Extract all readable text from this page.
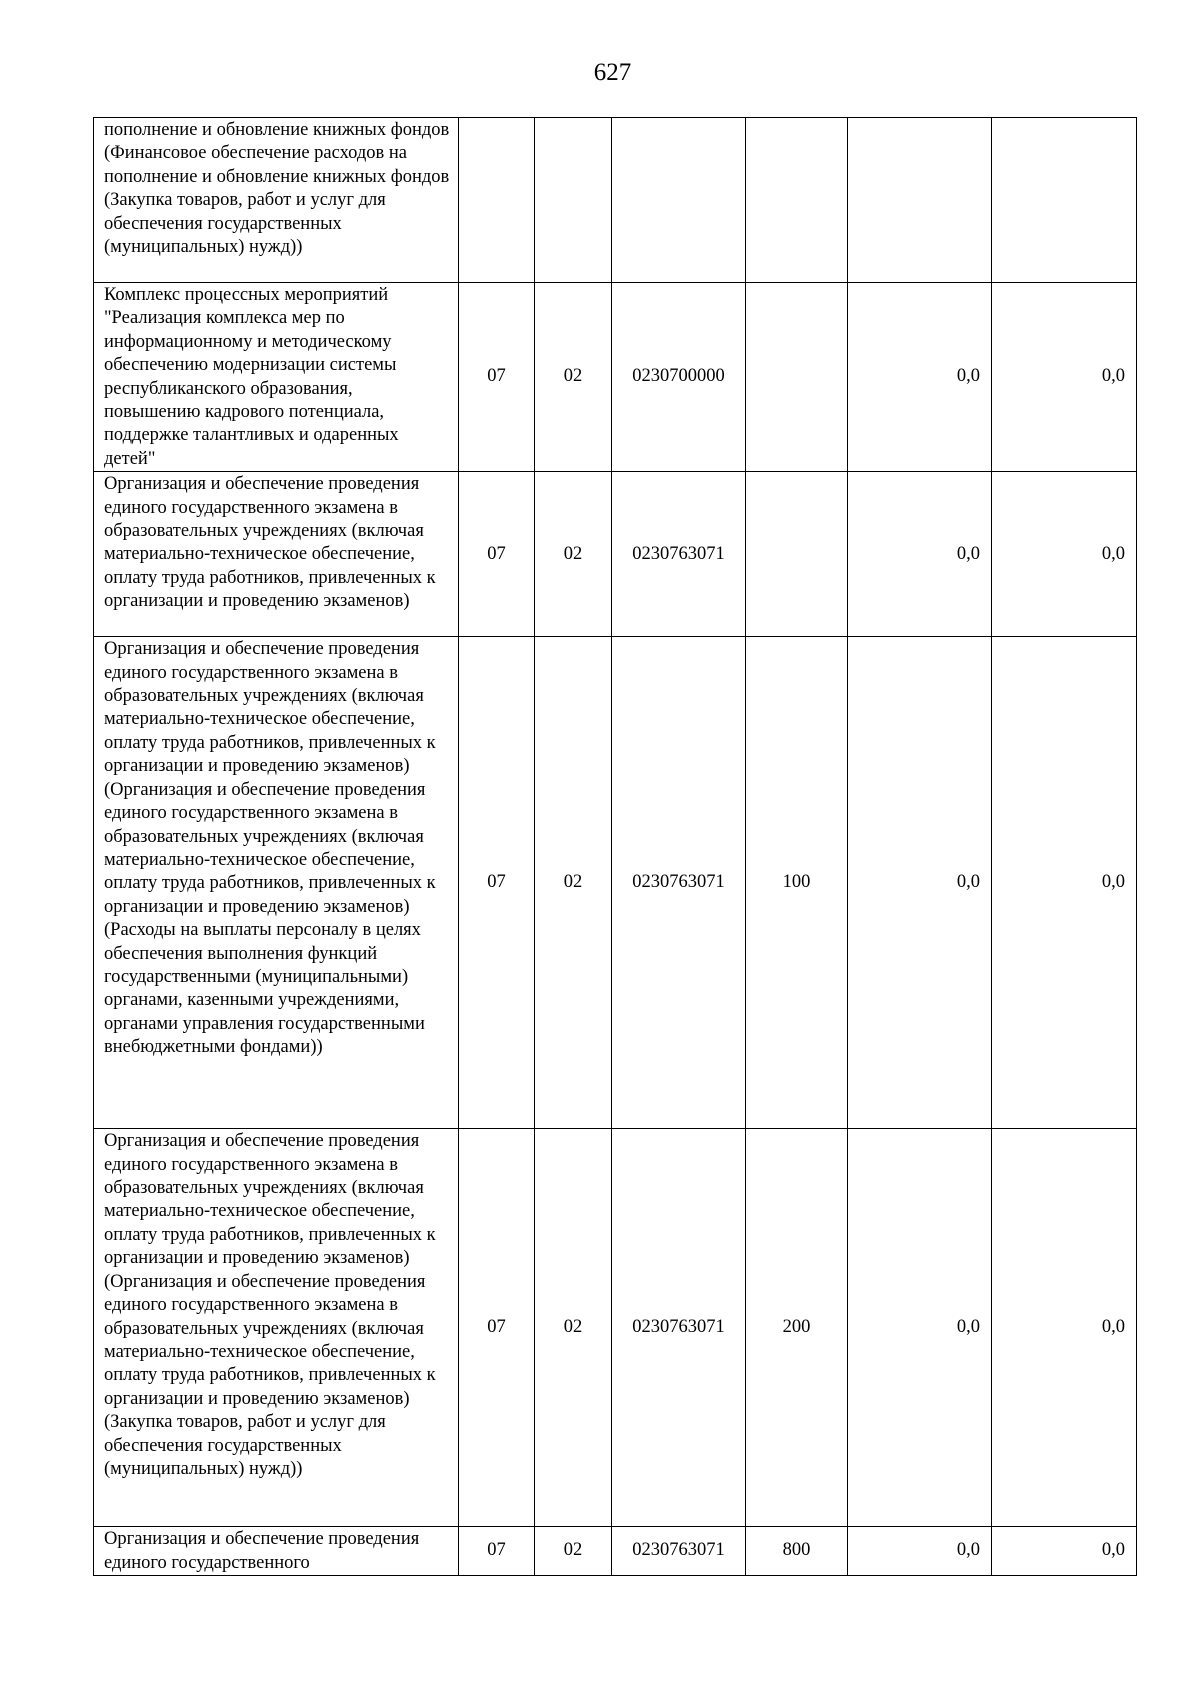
627
пополнение и обновление книжных фондов (Финансовое обеспечение расходов на пополнение и обновление книжных фондов (Закупка товаров, работ и услуг для обеспечения государственных (муниципальных) нужд))						
Комплекс процессных мероприятий "Реализация комплекса мер по информационному и методическому обеспечению модернизации системы республиканского образования, повышению кадрового потенциала, поддержке талантливых и одаренных детей"	07	02	0230700000		0,0	0,0
Организация и обеспечение проведения единого государственного экзамена в образовательных учреждениях (включая материально-техническое обеспечение, оплату труда работников, привлеченных к организации и проведению экзаменов)	07	02	0230763071		0,0	0,0
Организация и обеспечение проведения единого государственного экзамена в образовательных учреждениях (включая материально-техническое обеспечение, оплату труда работников, привлеченных к организации и проведению экзаменов) (Организация и обеспечение проведения единого государственного экзамена в образовательных учреждениях (включая материально-техническое обеспечение, оплату труда работников, привлеченных к организации и проведению экзаменов) (Расходы на выплаты персоналу в целях обеспечения выполнения функций государственными (муниципальными) органами, казенными учреждениями, органами управления государственными внебюджетными фондами))	07	02	0230763071	100	0,0	0,0
Организация и обеспечение проведения единого государственного экзамена в образовательных учреждениях (включая материально-техническое обеспечение, оплату труда работников, привлеченных к организации и проведению экзаменов) (Организация и обеспечение проведения единого государственного экзамена в образовательных учреждениях (включая материально-техническое обеспечение, оплату труда работников, привлеченных к организации и проведению экзаменов) (Закупка товаров, работ и услуг для обеспечения государственных (муниципальных) нужд))	07	02	0230763071	200	0,0	0,0
Организация и обеспечение проведения единого государственного	07	02	0230763071	800	0,0	0,0
